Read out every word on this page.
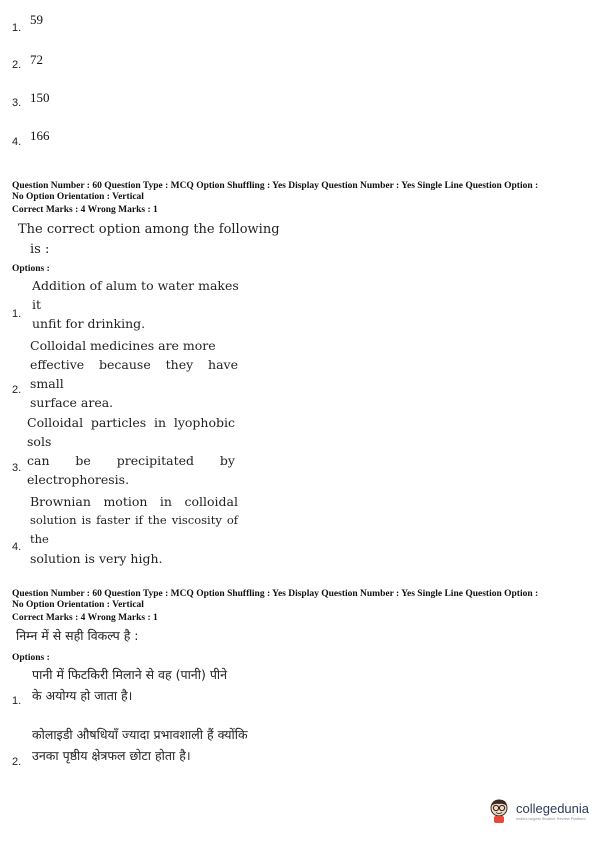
1.
59
2. 72
3. 150
4. 166
Question Number : 60 Question Type : MCQ Option Shuffling : Yes Display Question Number : Yes Single Line Question Option :
No Option Orientation : Vertical
Correct Marks : 4 Wrong Marks : 1
The correct option among the following
is :
Options :
Addition of alum to water makes it
unfit for drinking.
1.
Colloidal medicines are more
effective because they have small
surface area.
2.
Colloidal particles in lyophobic sols
can be precipitated by
electrophoresis.
3.
Brownian motion in colloidal
solution is faster if the viscosity of the
solution is very high.
4.
Question Number : 60 Question Type : MCQ Option Shuffling : Yes Display Question Number : Yes Single Line Question Option :
No Option Orientation : Vertical
Correct Marks : 4 Wrong Marks : 1
निम्न में से सही विकल्प है :
Options :
पानी में फिटकिरी मिलाने से वह (पानी) पीने
के अयोग्य हो जाता है।
1.
कोलाइडी औषधियाँ ज्यादा प्रभावशाली हैं क्योंकि
उनका पृष्ठीय क्षेत्रफल छोटा होता है।
2.
collegedunia
India's largest Student Review Platform
